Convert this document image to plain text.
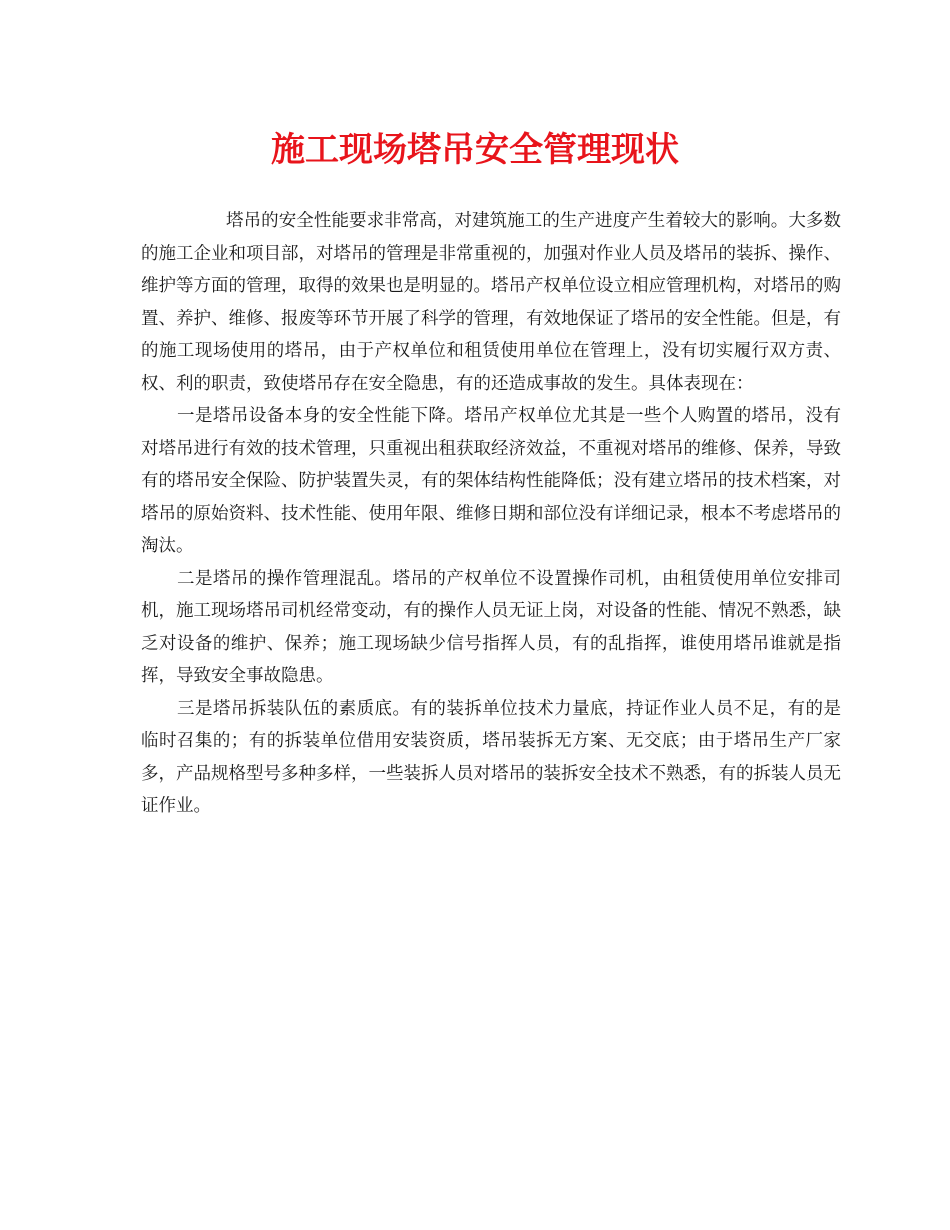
施工现场塔吊安全管理现状

塔吊的安全性能要求非常高，对建筑施工的生产进度产生着较大的影响。大多数的施工企业和项目部，对塔吊的管理是非常重视的，加强对作业人员及塔吊的装拆、操作、维护等方面的管理，取得的效果也是明显的。塔吊产权单位设立相应管理机构，对塔吊的购置、养护、维修、报废等环节开展了科学的管理，有效地保证了塔吊的安全性能。但是，有的施工现场使用的塔吊，由于产权单位和租赁使用单位在管理上，没有切实履行双方责、权、利的职责，致使塔吊存在安全隐患，有的还造成事故的发生。具体表现在：

一是塔吊设备本身的安全性能下降。塔吊产权单位尤其是一些个人购置的塔吊，没有对塔吊进行有效的技术管理，只重视出租获取经济效益，不重视对塔吊的维修、保养，导致有的塔吊安全保险、防护装置失灵，有的架体结构性能降低；没有建立塔吊的技术档案，对塔吊的原始资料、技术性能、使用年限、维修日期和部位没有详细记录，根本不考虑塔吊的淘汰。

二是塔吊的操作管理混乱。塔吊的产权单位不设置操作司机，由租赁使用单位安排司机，施工现场塔吊司机经常变动，有的操作人员无证上岗，对设备的性能、情况不熟悉，缺乏对设备的维护、保养；施工现场缺少信号指挥人员，有的乱指挥，谁使用塔吊谁就是指挥，导致安全事故隐患。

三是塔吊拆装队伍的素质底。有的装拆单位技术力量底，持证作业人员不足，有的是临时召集的；有的拆装单位借用安装资质，塔吊装拆无方案、无交底；由于塔吊生产厂家多，产品规格型号多种多样，一些装拆人员对塔吊的装拆安全技术不熟悉，有的拆装人员无证作业。
